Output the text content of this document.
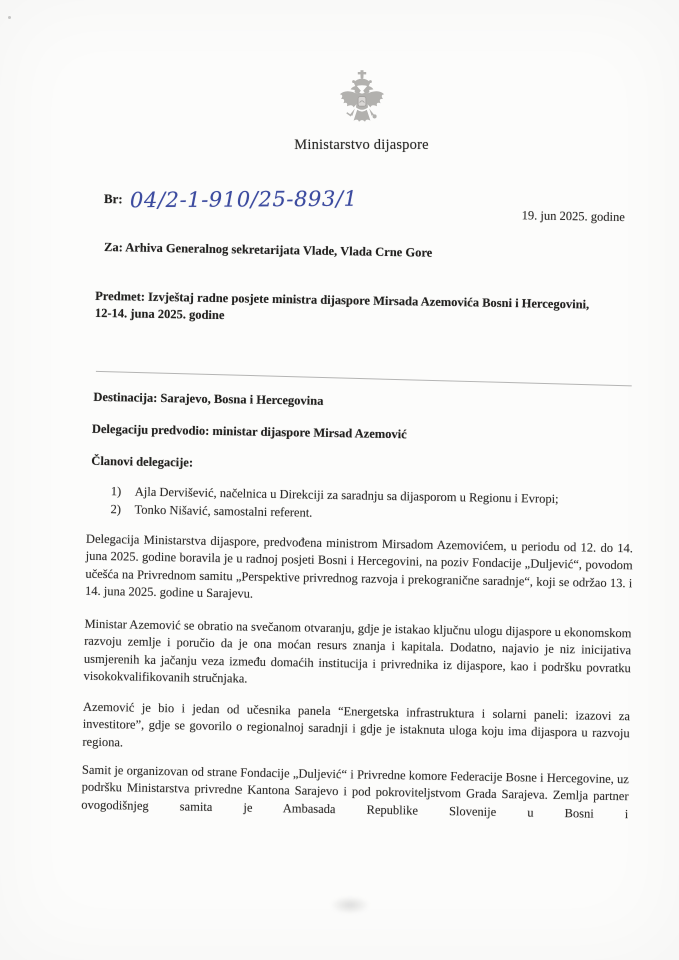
Ministarstvo dijaspore
Br: 04/2-1-910/25-893/1
19. jun 2025. godine

Za: Arhiva Generalnog sekretarijata Vlade, Vlada Crne Gore

Predmet: Izvještaj radne posjete ministra dijaspore Mirsada Azemovića Bosni i Hercegovini, 12-14. juna 2025. godine

Destinacija: Sarajevo, Bosna i Hercegovina

Delegaciju predvodio: ministar dijaspore Mirsad Azemović

Članovi delegacije:

1)	Ajla Dervišević, načelnica u Direkciji za saradnju sa dijasporom u Regionu i Evropi;
2)	Tonko Nišavić, samostalni referent.

Delegacija Ministarstva dijaspore, predvođena ministrom Mirsadom Azemovićem, u periodu od 12. do 14. juna 2025. godine boravila je u radnoj posjeti Bosni i Hercegovini, na poziv Fondacije „Duljević“, povodom učešća na Privrednom samitu „Perspektive privrednog razvoja i prekogranične saradnje“, koji se održao 13. i 14. juna 2025. godine u Sarajevu.

Ministar Azemović se obratio na svečanom otvaranju, gdje je istakao ključnu ulogu dijaspore u ekonomskom razvoju zemlje i poručio da je ona moćan resurs znanja i kapitala. Dodatno, najavio je niz inicijativa usmjerenih ka jačanju veza između domaćih institucija i privrednika iz dijaspore, kao i podršku povratku visokokvalifikovanih stručnjaka.

Azemović je bio i jedan od učesnika panela “Energetska infrastruktura i solarni paneli: izazovi za investitore”, gdje se govorilo o regionalnoj saradnji i gdje je istaknuta uloga koju ima dijaspora u razvoju regiona.

Samit je organizovan od strane Fondacije „Duljević“ i Privredne komore Federacije Bosne i Hercegovine, uz podršku Ministarstva privredne Kantona Sarajevo i pod pokroviteljstvom Grada Sarajeva. Zemlja partner ovogodišnjeg samita je Ambasada Republike Slovenije u Bosni i
